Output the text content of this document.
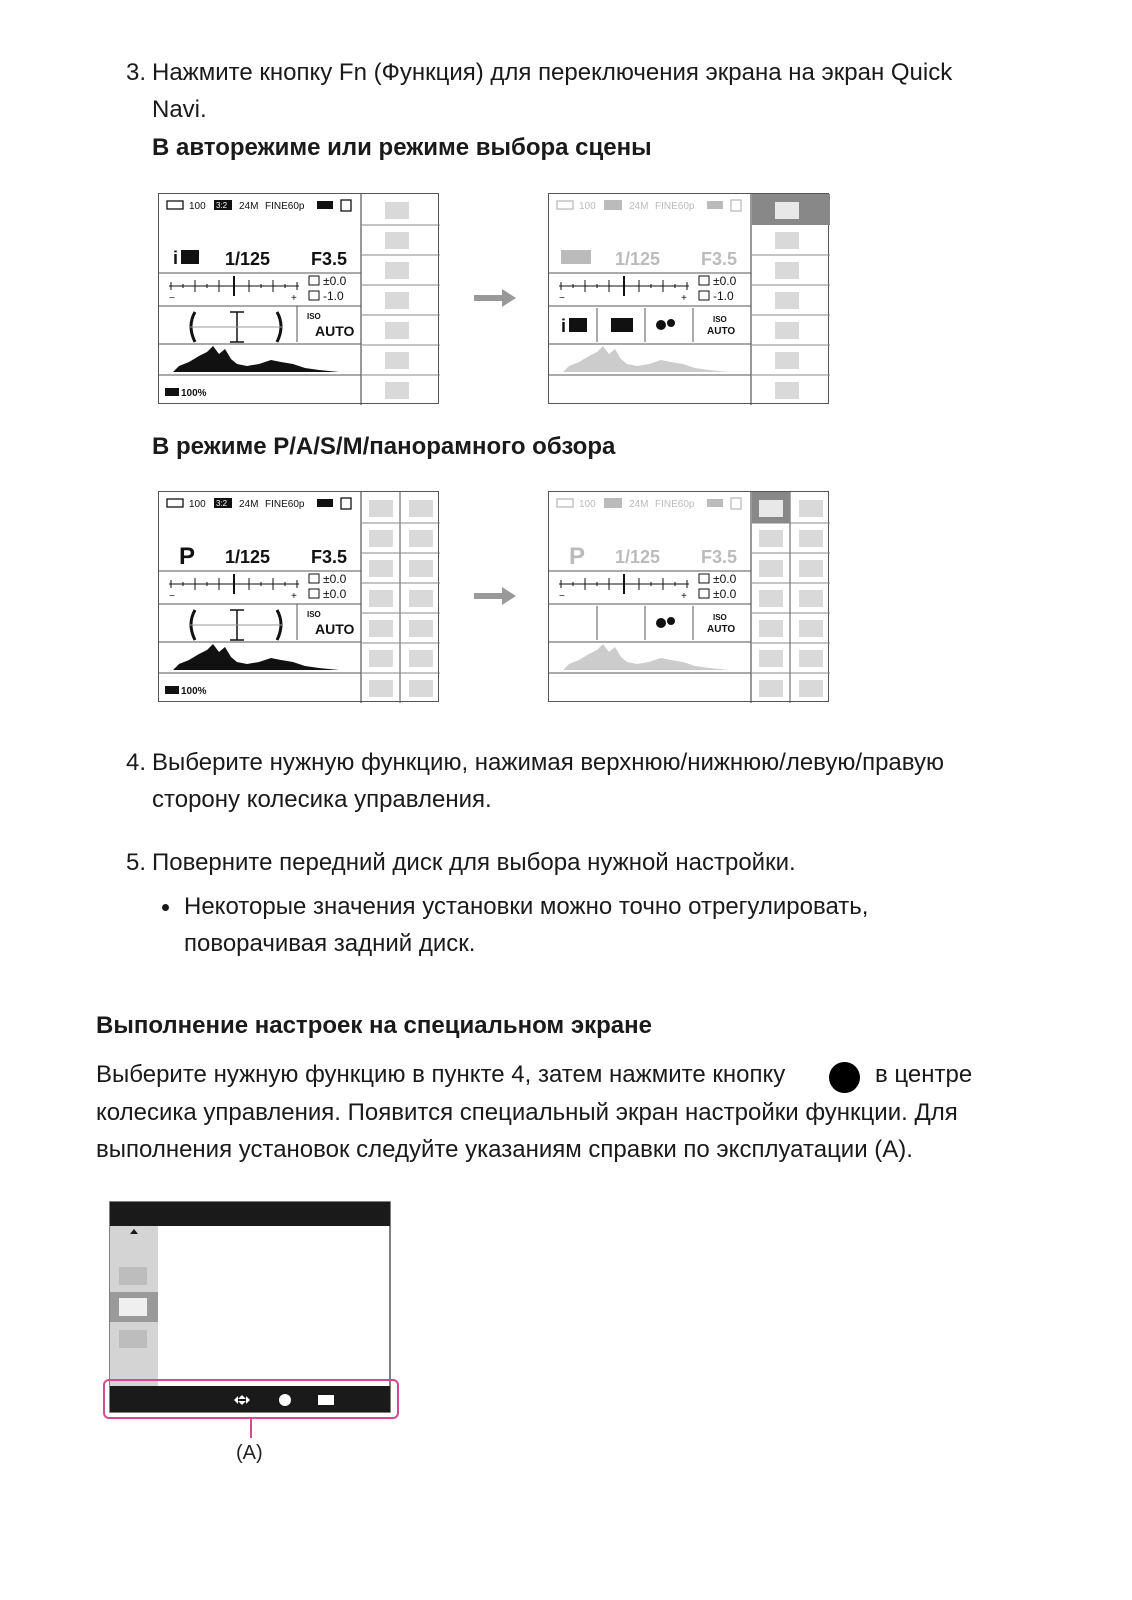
3. Нажмите кнопку Fn (Функция) для переключения экрана на экран Quick
Navi.
В авторежиме или режиме выбора сцены
100 3:2 24M FINE60p
i	1/125 F3.5
−	+
±0.0
-1.0
ISO
AUTO
100%
100	24M FINE60p
1/125 F3.5
−	+
±0.0
-1.0
i	ISO
AUTO
В режиме P/A/S/M/панорамного обзора
100 3:2 24M FINE60p
P 1/125 F3.5
−	+
±0.0
±0.0
ISO
AUTO
100%
100	24M FINE60p
P 1/125 F3.5
−	+
±0.0
±0.0
ISO
AUTO
4. Выберите нужную функцию, нажимая верхнюю/нижнюю/левую/правую
сторону колесика управления.
5. Поверните передний диск для выбора нужной настройки.
Некоторые значения установки можно точно отрегулировать,
поворачивая задний диск.
Выполнение настроек на специальном экране
Выберите нужную функцию в пункте 4, затем нажмите кнопку	в центре
колесика управления. Появится специальный экран настройки функции. Для
выполнения установок следуйте указаниям справки по эксплуатации (A).
(A)
